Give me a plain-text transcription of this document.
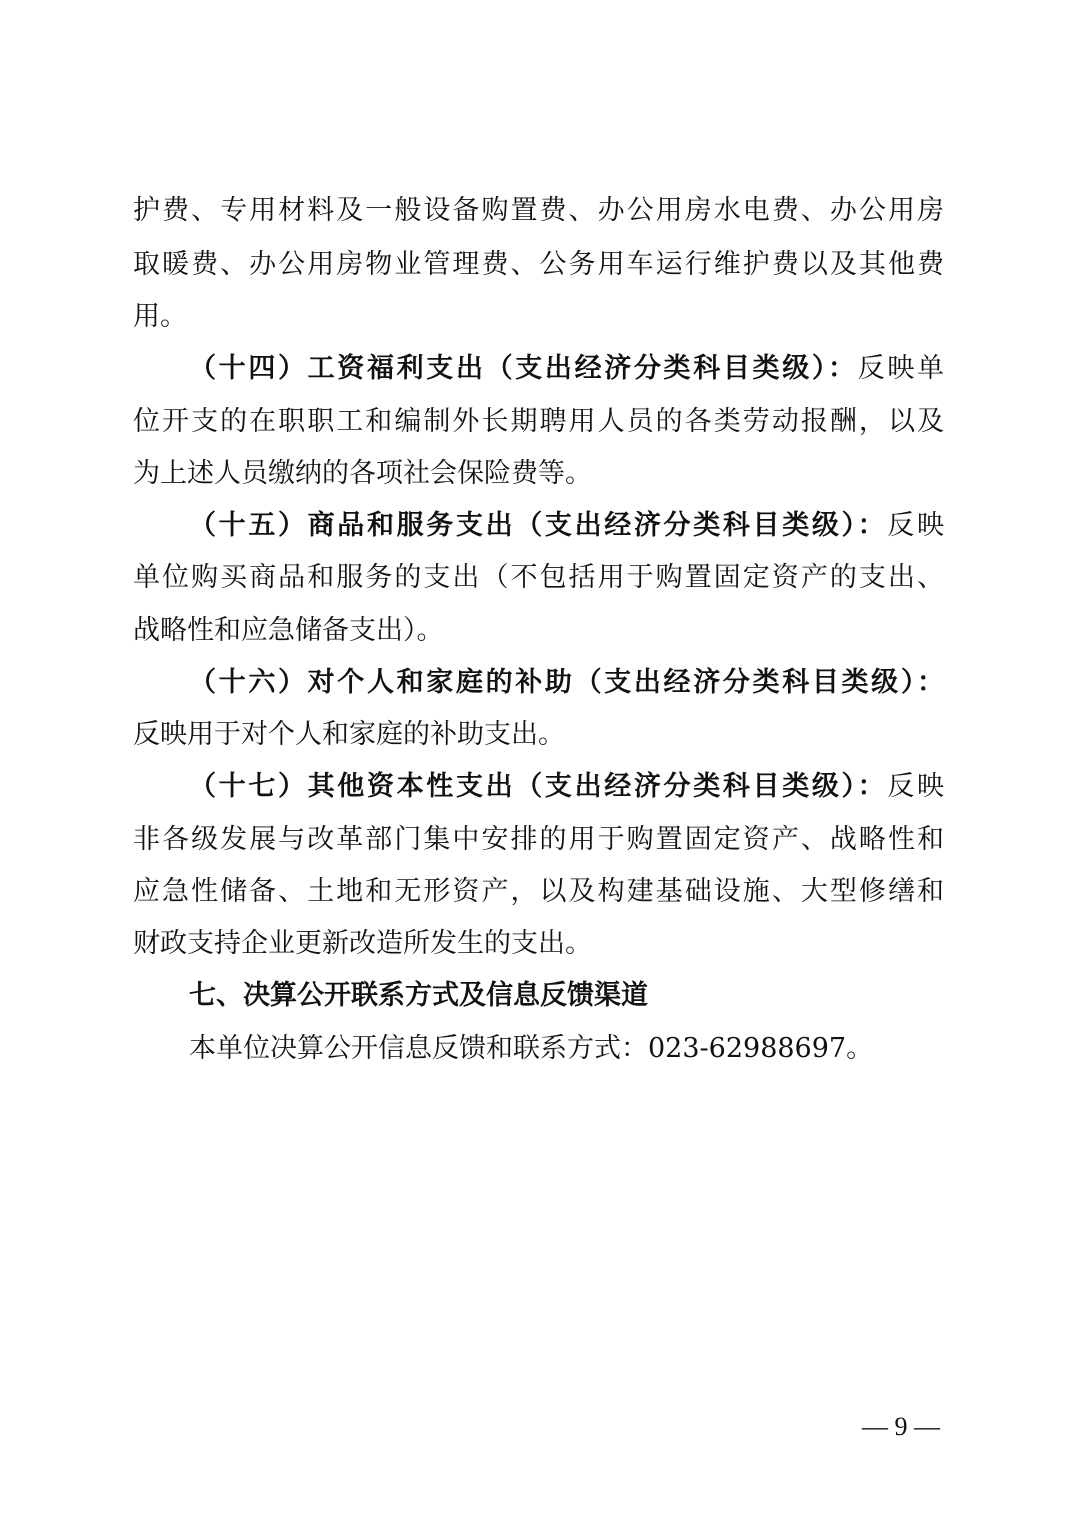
护费、专用材料及一般设备购置费、办公用房水电费、办公用房
取暖费、办公用房物业管理费、公务用车运行维护费以及其他费
用。
（十四）工资福利支出（支出经济分类科目类级）：反映单
位开支的在职职工和编制外长期聘用人员的各类劳动报酬，以及
为上述人员缴纳的各项社会保险费等。
（十五）商品和服务支出（支出经济分类科目类级）：反映
单位购买商品和服务的支出（不包括用于购置固定资产的支出、
战略性和应急储备支出）。
（十六）对个人和家庭的补助（支出经济分类科目类级）：
反映用于对个人和家庭的补助支出。
（十七）其他资本性支出（支出经济分类科目类级）：反映
非各级发展与改革部门集中安排的用于购置固定资产、战略性和
应急性储备、土地和无形资产，以及构建基础设施、大型修缮和
财政支持企业更新改造所发生的支出。
七、决算公开联系方式及信息反馈渠道
本单位决算公开信息反馈和联系方式：023-62988697。
— 9 —
